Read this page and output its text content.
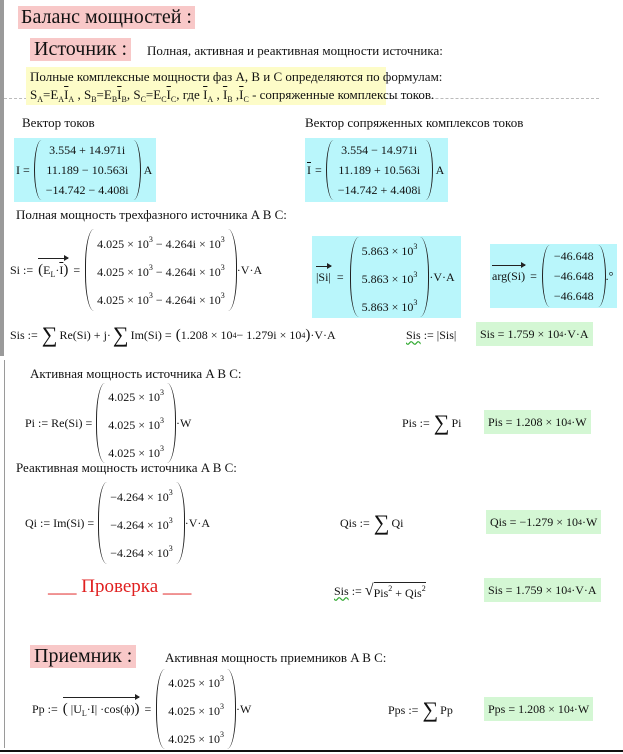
Баланс мощностей :
Источник :	Полная, активная и реактивная мощности источника:
Полные комплексные мощности фаз А, В и С определяются по формулам:
$S_A=E_A\overline{I}_A$ , $S_B=E_B\overline{I}_B$, $S_C=E_C\overline{I}_C$, где $\overline{I}_A$ , $\overline{I}_B$ $,\overline{I}_C$ - сопряженные комплексы токов.
Вектор токов
I =
3.554 + 14.971i
11.189 − 10.563i
−14.742 − 4.408i
A
Вектор сопряженных комплексов токов
$\overline{I}$ =
3.554 − 14.971i
11.189 + 10.563i
−14.742 + 4.408i
A
Полная мощность трехфазного источника A B C:
Si := $(E_L\cdot\overline{I})$ =
$4.025 \times 10^3 - 4.264i \times 10^3$
$4.025 \times 10^3 - 4.264i \times 10^3$
$4.025 \times 10^3 - 4.264i \times 10^3$
·V·A	|Si| =
$5.863 \times 10^3$
$5.863 \times 10^3$
$5.863 \times 10^3$
·V·A	arg(Si) =
−46.648
−46.648
−46.648
.°
Sis := ∑ Re(Si) + j· ∑ Im(Si) = ( 1.208 × 10 4 − 1.279i × 10 4 ) ·V·A	Sis := |Sis| Sis = 1.759 × 10 4 ·V·A
Активная мощность источника A B C:
Pi := Re(Si) =
$4.025 \times 10^3$
$4.025 \times 10^3$
$4.025 \times 10^3$
·W	Pis := ∑ Pi Pis = 1.208 × 10 4 ·W
Реактивная мощность источника A B C:
Qi := Im(Si) =
$-4.264 \times 10^3$
$-4.264 \times 10^3$
$-4.264 \times 10^3$
·V·A	Qis := ∑ Qi	Qis = −1.279 × 10 4 ·W
___ Проверка ___	Sis := √ Pis$^2$ + Qis$^2$	Sis = 1.759 × 10 4 ·V·A
Приемник :	Активная мощность приемников A B C:
Pp := ( $|U_L\cdot I| \cdot\cos(\phi)$) =
$4.025 \times 10^3$
$4.025 \times 10^3$
$4.025 \times 10^3$
·W	Pps := ∑ Pp	Pps = 1.208 × 10 4 ·W
